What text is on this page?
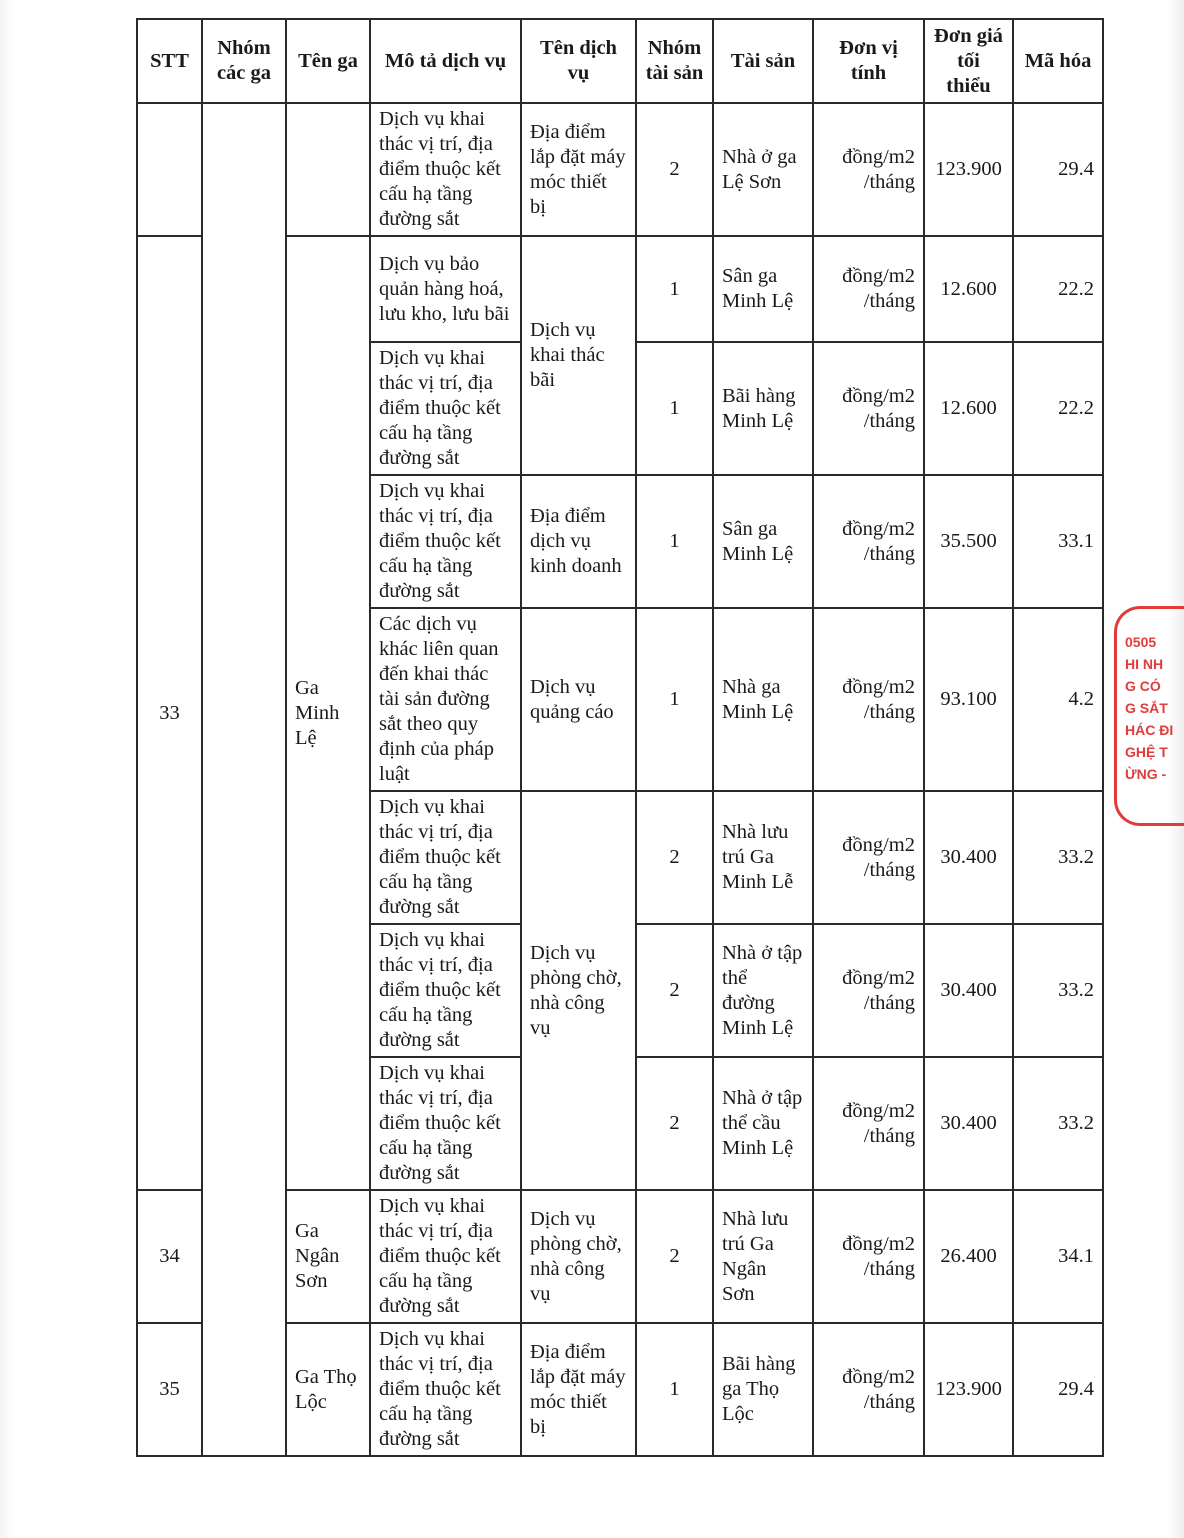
STT	Nhóm các ga	Tên ga	Mô tả dịch vụ	Tên dịch vụ	Nhóm tài sản	Tài sản	Đơn vị tính	Đơn giá tối thiểu	Mã hóa
			Dịch vụ khai thác vị trí, địa điểm thuộc kết cấu hạ tầng đường sắt	Địa điểm lắp đặt máy móc thiết bị	2	Nhà ở ga Lệ Sơn	đồng/m2 /tháng	123.900	29.4
33		Ga Minh Lệ	Dịch vụ bảo quản hàng hoá, lưu kho, lưu bãi	Dịch vụ khai thác bãi	1	Sân ga Minh Lệ	đồng/m2 /tháng	12.600	22.2
			Dịch vụ khai thác vị trí, địa điểm thuộc kết cấu hạ tầng đường sắt		1	Bãi hàng Minh Lệ	đồng/m2 /tháng	12.600	22.2
			Dịch vụ khai thác vị trí, địa điểm thuộc kết cấu hạ tầng đường sắt	Địa điểm dịch vụ kinh doanh	1	Sân ga Minh Lệ	đồng/m2 /tháng	35.500	33.1
			Các dịch vụ khác liên quan đến khai thác tài sản đường sắt theo quy định của pháp luật	Dịch vụ quảng cáo	1	Nhà ga Minh Lệ	đồng/m2 /tháng	93.100	4.2
			Dịch vụ khai thác vị trí, địa điểm thuộc kết cấu hạ tầng đường sắt	Dịch vụ phòng chờ, nhà công vụ	2	Nhà lưu trú Ga Minh Lễ	đồng/m2 /tháng	30.400	33.2
			Dịch vụ khai thác vị trí, địa điểm thuộc kết cấu hạ tầng đường sắt		2	Nhà ở tập thể đường Minh Lệ	đồng/m2 /tháng	30.400	33.2
			Dịch vụ khai thác vị trí, địa điểm thuộc kết cấu hạ tầng đường sắt		2	Nhà ở tập thể cầu Minh Lệ	đồng/m2 /tháng	30.400	33.2
34		Ga Ngân Sơn	Dịch vụ khai thác vị trí, địa điểm thuộc kết cấu hạ tầng đường sắt	Dịch vụ phòng chờ, nhà công vụ	2	Nhà lưu trú Ga Ngân Sơn	đồng/m2 /tháng	26.400	34.1
35		Ga Thọ Lộc	Dịch vụ khai thác vị trí, địa điểm thuộc kết cấu hạ tầng đường sắt	Địa điểm lắp đặt máy móc thiết bị	1	Bãi hàng ga Thọ Lộc	đồng/m2 /tháng	123.900	29.4
0505
HI NH
G CÓ
G SẮT
HÁC ĐI
GHỆ T
ỪNG -
